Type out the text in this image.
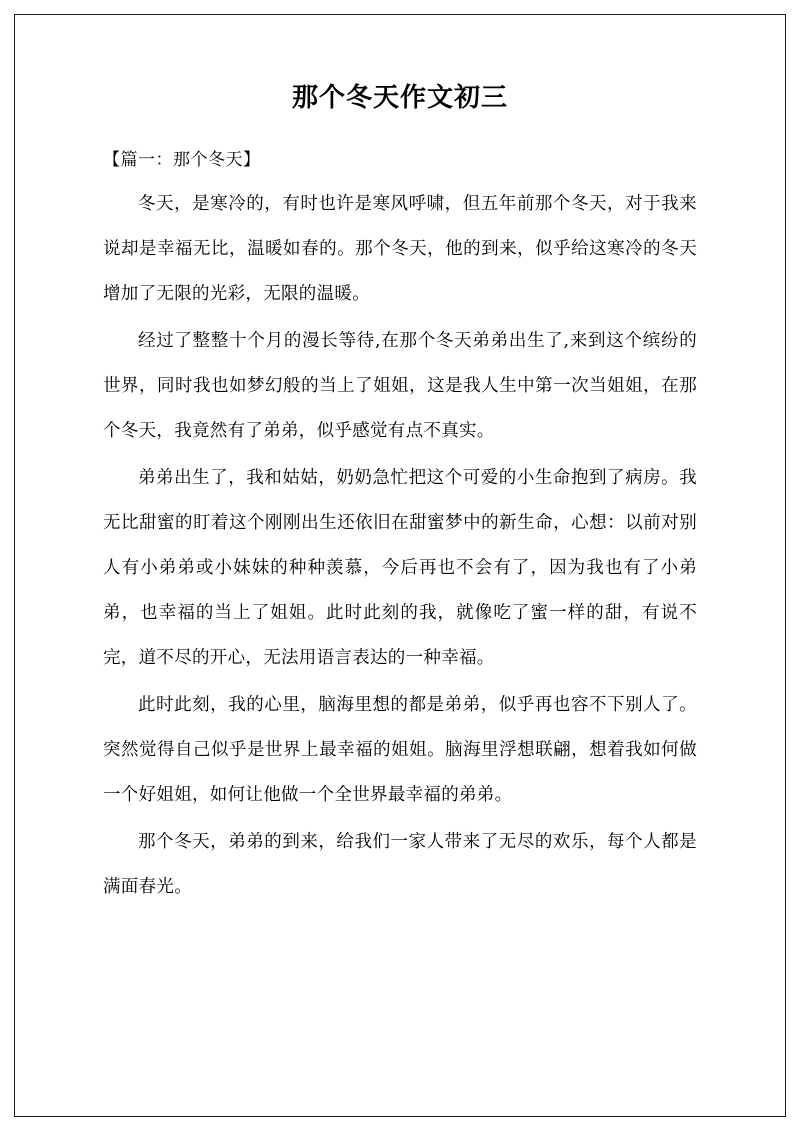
那个冬天作文初三

【篇一：那个冬天】

冬天，是寒冷的，有时也许是寒风呼啸，但五年前那个冬天，对于我来说却是幸福无比，温暖如春的。那个冬天，他的到来，似乎给这寒冷的冬天增加了无限的光彩，无限的温暖。

经过了整整十个月的漫长等待,在那个冬天弟弟出生了,来到这个缤纷的世界，同时我也如梦幻般的当上了姐姐，这是我人生中第一次当姐姐，在那个冬天，我竟然有了弟弟，似乎感觉有点不真实。

弟弟出生了，我和姑姑，奶奶急忙把这个可爱的小生命抱到了病房。我无比甜蜜的盯着这个刚刚出生还依旧在甜蜜梦中的新生命，心想：以前对别人有小弟弟或小妹妹的种种羡慕，今后再也不会有了，因为我也有了小弟弟，也幸福的当上了姐姐。此时此刻的我，就像吃了蜜一样的甜，有说不完，道不尽的开心，无法用语言表达的一种幸福。

此时此刻，我的心里，脑海里想的都是弟弟，似乎再也容不下别人了。突然觉得自己似乎是世界上最幸福的姐姐。脑海里浮想联翩，想着我如何做一个好姐姐，如何让他做一个全世界最幸福的弟弟。

那个冬天，弟弟的到来，给我们一家人带来了无尽的欢乐，每个人都是满面春光。
